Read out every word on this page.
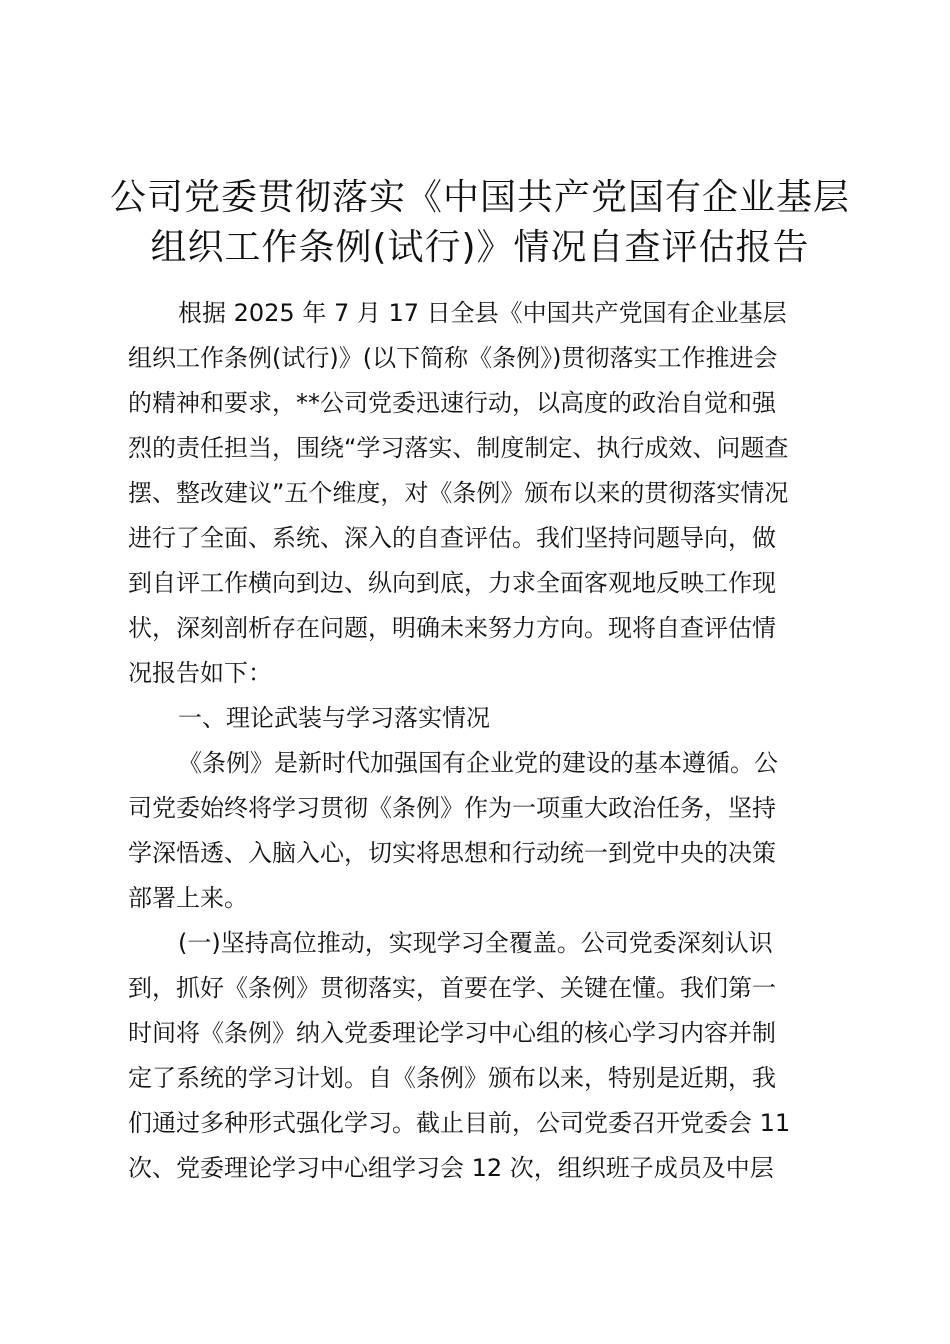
公司党委贯彻落实《中国共产党国有企业基层
组织工作条例(试行)》情况自查评估报告
根据 2025 年 7 月 17 日全县《中国共产党国有企业基层
组织工作条例(试行)》(以下简称《条例》)贯彻落实工作推进会
的精神和要求，**公司党委迅速行动，以高度的政治自觉和强
烈的责任担当，围绕“学习落实、制度制定、执行成效、问题查
摆、整改建议”五个维度，对《条例》颁布以来的贯彻落实情况
进行了全面、系统、深入的自查评估。我们坚持问题导向，做
到自评工作横向到边、纵向到底，力求全面客观地反映工作现
状，深刻剖析存在问题，明确未来努力方向。现将自查评估情
况报告如下：
一、理论武装与学习落实情况
《条例》是新时代加强国有企业党的建设的基本遵循。公
司党委始终将学习贯彻《条例》作为一项重大政治任务，坚持
学深悟透、入脑入心，切实将思想和行动统一到党中央的决策
部署上来。
(一)坚持高位推动，实现学习全覆盖。公司党委深刻认识
到，抓好《条例》贯彻落实，首要在学、关键在懂。我们第一
时间将《条例》纳入党委理论学习中心组的核心学习内容并制
定了系统的学习计划。自《条例》颁布以来，特别是近期，我
们通过多种形式强化学习。截止目前，公司党委召开党委会 11
次、党委理论学习中心组学习会 12 次，组织班子成员及中层
